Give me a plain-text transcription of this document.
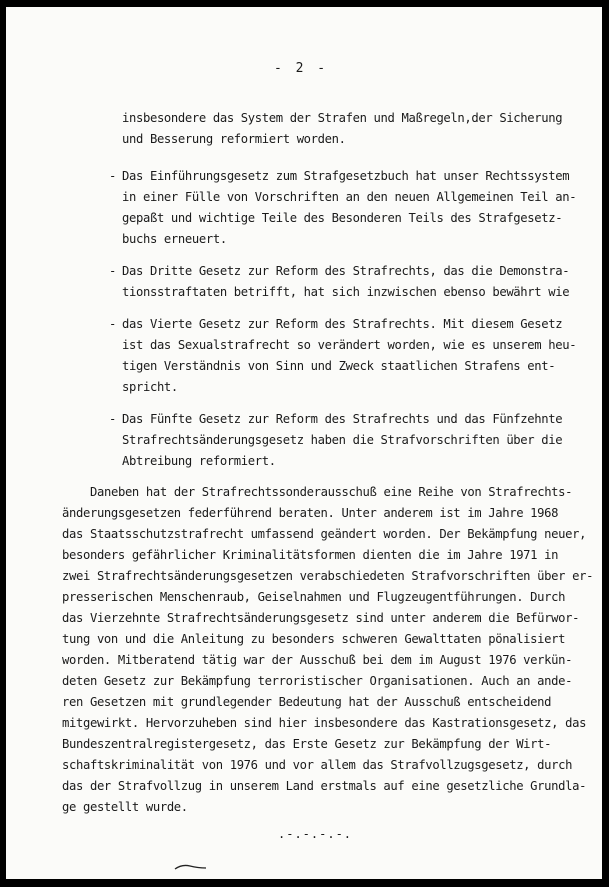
- 2 -
insbesondere das System der Strafen und Maßregeln,der Sicherung
und Besserung reformiert worden.
- Das Einführungsgesetz zum Strafgesetzbuch hat unser Rechtssystem
in einer Fülle von Vorschriften an den neuen Allgemeinen Teil an-
gepaßt und wichtige Teile des Besonderen Teils des Strafgesetz-
buchs erneuert.
- Das Dritte Gesetz zur Reform des Strafrechts, das die Demonstra-
tionsstraftaten betrifft, hat sich inzwischen ebenso bewährt wie
- das Vierte Gesetz zur Reform des Strafrechts. Mit diesem Gesetz
ist das Sexualstrafrecht so verändert worden, wie es unserem heu-
tigen Verständnis von Sinn und Zweck staatlichen Strafens ent-
spricht.
- Das Fünfte Gesetz zur Reform des Strafrechts und das Fünfzehnte
Strafrechtsänderungsgesetz haben die Strafvorschriften über die
Abtreibung reformiert.
Daneben hat der Strafrechtssonderausschuß eine Reihe von Strafrechts-
änderungsgesetzen federführend beraten. Unter anderem ist im Jahre 1968
das Staatsschutzstrafrecht umfassend geändert worden. Der Bekämpfung neuer,
besonders gefährlicher Kriminalitätsformen dienten die im Jahre 1971 in
zwei Strafrechtsänderungsgesetzen verabschiedeten Strafvorschriften über er-
presserischen Menschenraub, Geiselnahmen und Flugzeugentführungen. Durch
das Vierzehnte Strafrechtsänderungsgesetz sind unter anderem die Befürwor-
tung von und die Anleitung zu besonders schweren Gewalttaten pönalisiert
worden. Mitberatend tätig war der Ausschuß bei dem im August 1976 verkün-
deten Gesetz zur Bekämpfung terroristischer Organisationen. Auch an ande-
ren Gesetzen mit grundlegender Bedeutung hat der Ausschuß entscheidend
mitgewirkt. Hervorzuheben sind hier insbesondere das Kastrationsgesetz, das
Bundeszentralregistergesetz, das Erste Gesetz zur Bekämpfung der Wirt-
schaftskriminalität von 1976 und vor allem das Strafvollzugsgesetz, durch
das der Strafvollzug in unserem Land erstmals auf eine gesetzliche Grundla-
ge gestellt wurde.
.-.-.-.-.
